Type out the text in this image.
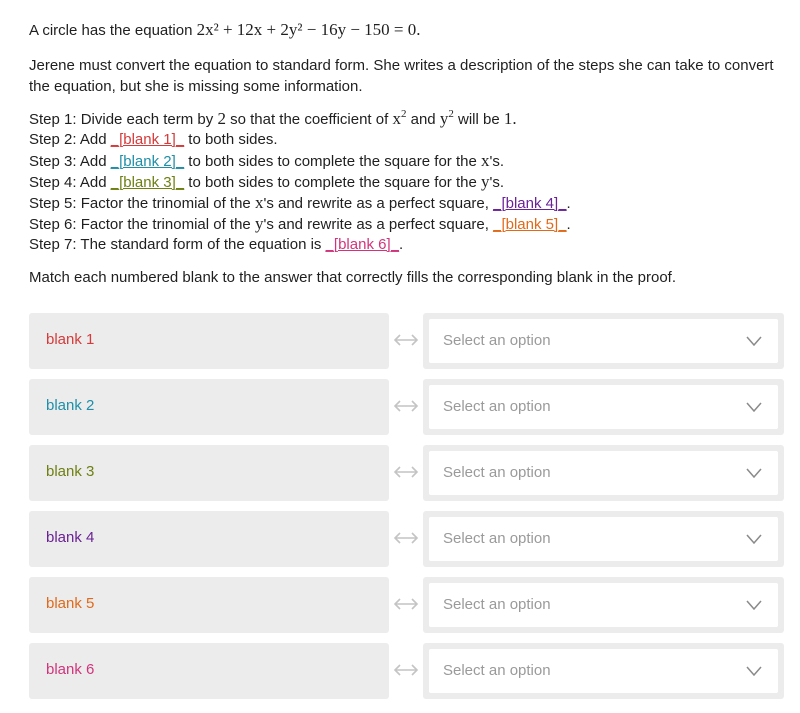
A circle has the equation 2x² + 12x + 2y² − 16y − 150 = 0.

Jerene must convert the equation to standard form. She writes a description of the steps she can take to convert the equation, but she is missing some information.

Step 1: Divide each term by 2 so that the coefficient of $x^2$ and $y^2$ will be 1.

Step 2: Add _[blank 1]_ to both sides.

Step 3: Add _[blank 2]_ to both sides to complete the square for the x's.

Step 4: Add _[blank 3]_ to both sides to complete the square for the y's.

Step 5: Factor the trinomial of the x's and rewrite as a perfect square, _[blank 4]_.

Step 6: Factor the trinomial of the y's and rewrite as a perfect square, _[blank 5]_.

Step 7: The standard form of the equation is _[blank 6]_.

Match each numbered blank to the answer that correctly fills the corresponding blank in the proof.

blank 1	Select an option
blank 2	Select an option
blank 3	Select an option
blank 4	Select an option
blank 5	Select an option
blank 6	Select an option
